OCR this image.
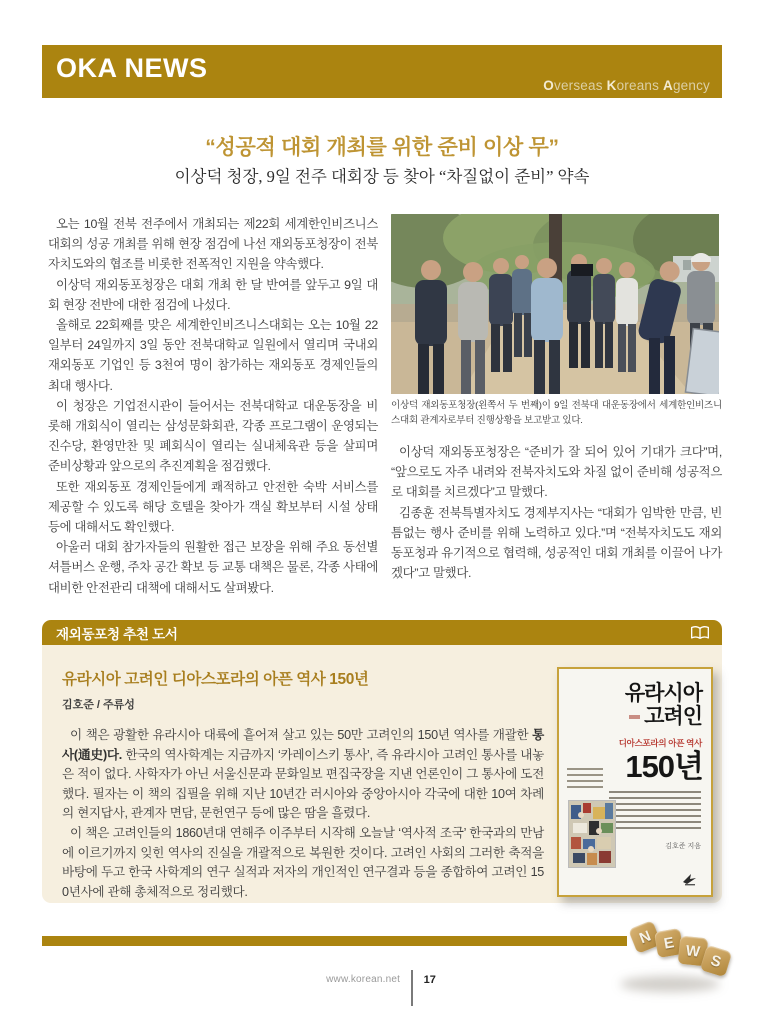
OKA NEWS
Overseas Koreans Agency
“성공적 대회 개최를 위한 준비 이상 무”
이상덕 청장, 9일 전주 대회장 등 찾아 “차질없이 준비” 약속

오는 10월 전북 전주에서 개최되는 제22회 세계한인비즈니스대회의 성공 개최를 위해 현장 점검에 나선 재외동포청장이 전북자치도와의 협조를 비롯한 전폭적인 지원을 약속했다.

이상덕 재외동포청장은 대회 개최 한 달 반여를 앞두고 9일 대회 현장 전반에 대한 점검에 나섰다.

올해로 22회째를 맞은 세계한인비즈니스대회는 오는 10월 22일부터 24일까지 3일 동안 전북대학교 일원에서 열리며 국내외 재외동포 기업인 등 3천여 명이 참가하는 재외동포 경제인들의 최대 행사다.

이 청장은 기업전시관이 들어서는 전북대학교 대운동장을 비롯해 개회식이 열리는 삼성문화회관, 각종 프로그램이 운영되는 진수당, 환영만찬 및 폐회식이 열리는 실내체육관 등을 살피며 준비상황과 앞으로의 추진계획을 점검했다.

또한 재외동포 경제인들에게 쾌적하고 안전한 숙박 서비스를 제공할 수 있도록 해당 호텔을 찾아가 객실 확보부터 시설 상태 등에 대해서도 확인했다.

아울러 대회 참가자들의 원활한 접근 보장을 위해 주요 동선별 셔틀버스 운행, 주차 공간 확보 등 교통 대책은 물론, 각종 사태에 대비한 안전관리 대책에 대해서도 살펴봤다.

이상덕 재외동포청장(왼쪽서 두 번째)이 9일 전북대 대운동장에서 세계한인비즈니스대회 관계자로부터 진행상황을 보고받고 있다.

이상덕 재외동포청장은 “준비가 잘 되어 있어 기대가 크다”며, “앞으로도 자주 내려와 전북자치도와 차질 없이 준비해 성공적으로 대회를 치르겠다”고 말했다.

김종훈 전북특별자치도 경제부지사는 “대회가 임박한 만큼, 빈틈없는 행사 준비를 위해 노력하고 있다.”며 “전북자치도도 재외동포청과 유기적으로 협력해, 성공적인 대회 개최를 이끌어 나가겠다”고 말했다.

재외동포청 추천 도서
유라시아 고려인 디아스포라의 아픈 역사 150년
김호준 / 주류성

이 책은 광활한 유라시아 대륙에 흩어져 살고 있는 50만 고려인의 150년 역사를 개괄한 통사(通史)다. 한국의 역사학계는 지금까지 ‘카레이스키 통사’, 즉 유라시아 고려인 통사를 내놓은 적이 없다. 사학자가 아닌 서울신문과 문화일보 편집국장을 지낸 언론인이 그 통사에 도전했다. 필자는 이 책의 집필을 위해 지난 10년간 러시아와 중앙아시아 각국에 대한 10여 차례의 현지답사, 관계자 면담, 문헌연구 등에 많은 땀을 흘렸다.

이 책은 고려인들의 1860년대 연해주 이주부터 시작해 오늘날 ‘역사적 조국’ 한국과의 만남에 이르기까지 잊힌 역사의 진실을 개괄적으로 복원한 것이다. 고려인 사회의 그러한 축적을 바탕에 두고 한국 사학계의 연구 실적과 저자의 개인적인 연구결과 등을 종합하여 고려인 150년사에 관해 총체적으로 정리했다.

유라시아
고려인
디아스포라의 아픈 역사
150년
김호준 지음
N E W
S
www.korean.net 17
